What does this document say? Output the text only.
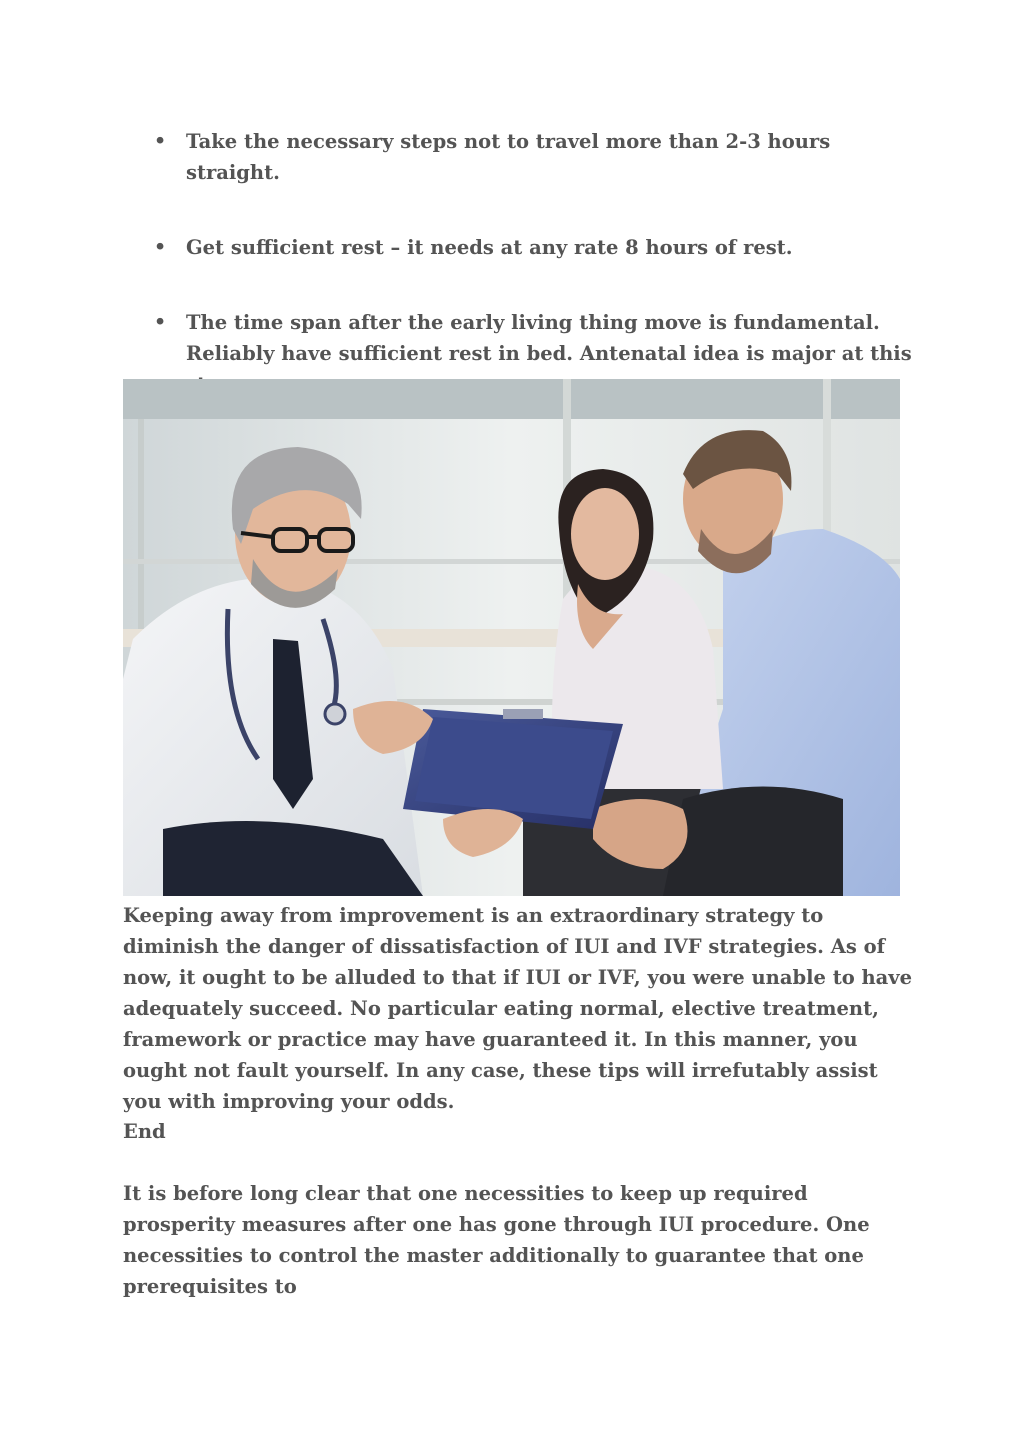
• Take the necessary steps not to travel more than 2-3 hours straight.
• Get sufficient rest – it needs at any rate 8 hours of rest.
• The time span after the early living thing move is fundamental. Reliably have sufficient rest in bed. Antenatal idea is major at this

Keeping away from improvement is an extraordinary strategy to diminish the danger of dissatisfaction of IUI and IVF strategies. As of now, it ought to be alluded to that if IUI or IVF, you were unable to have adequately succeed. No particular eating normal, elective treatment, framework or practice may have guaranteed it. In this manner, you ought not fault yourself. In any case, these tips will irrefutably assist you with improving your odds.

End

It is before long clear that one necessities to keep up required prosperity measures after one has gone through IUI procedure. One necessities to control the master additionally to guarantee that one prerequisites to
